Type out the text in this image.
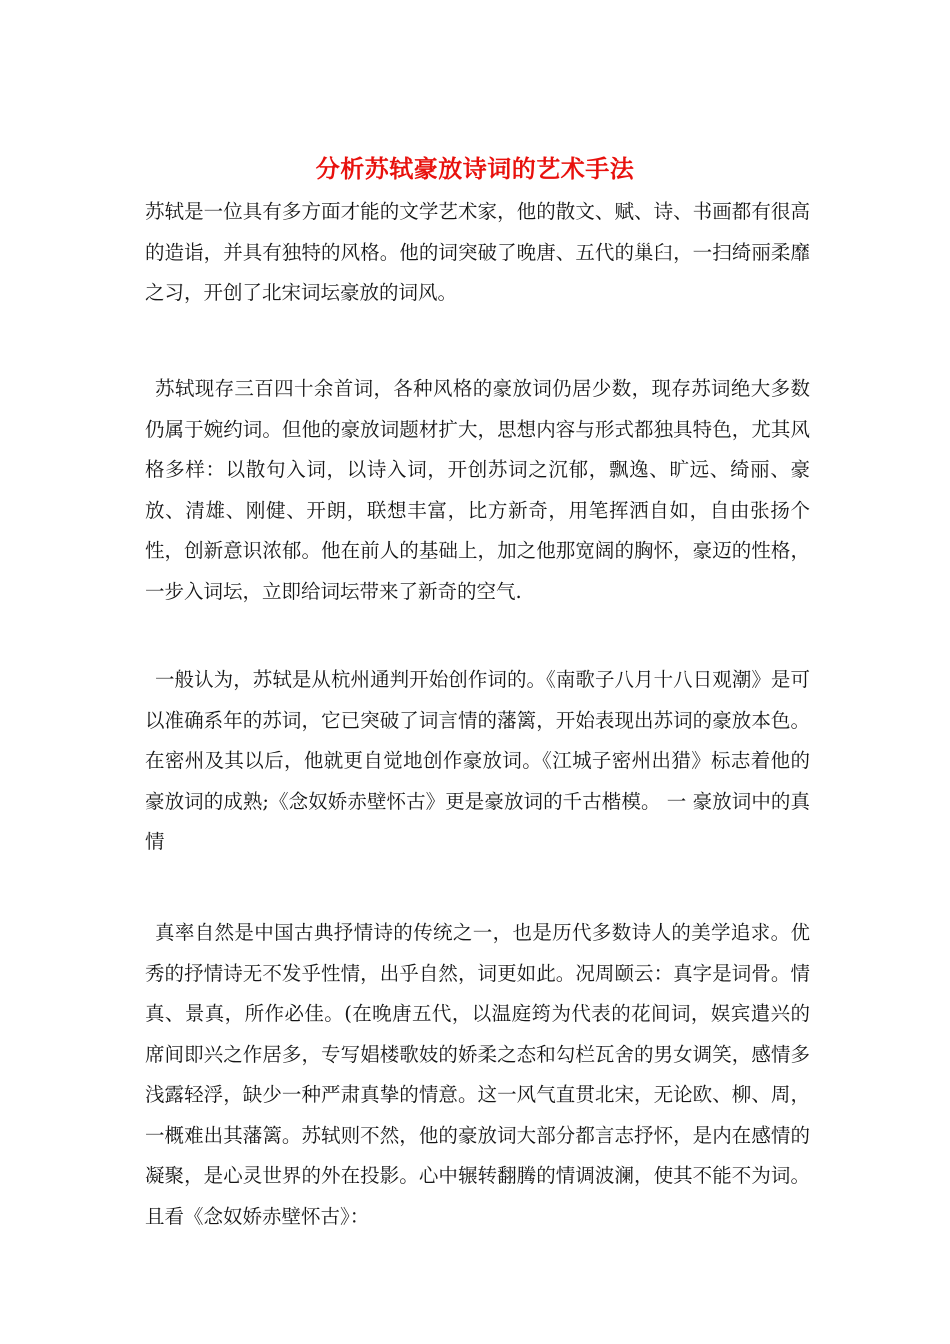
分析苏轼豪放诗词的艺术手法

苏轼是一位具有多方面才能的文学艺术家，他的散文、赋、诗、书画都有很高的造诣，并具有独特的风格。他的词突破了晚唐、五代的巢臼，一扫绮丽柔靡之习，开创了北宋词坛豪放的词风。

苏轼现存三百四十余首词，各种风格的豪放词仍居少数，现存苏词绝大多数仍属于婉约词。但他的豪放词题材扩大，思想内容与形式都独具特色，尤其风格多样：以散句入词，以诗入词，开创苏词之沉郁，飘逸、旷远、绮丽、豪放、清雄、刚健、开朗，联想丰富，比方新奇，用笔挥洒自如，自由张扬个性，创新意识浓郁。他在前人的基础上，加之他那宽阔的胸怀，豪迈的性格，一步入词坛，立即给词坛带来了新奇的空气.

一般认为，苏轼是从杭州通判开始创作词的。《南歌子八月十八日观潮》是可以准确系年的苏词，它已突破了词言情的藩篱，开始表现出苏词的豪放本色。在密州及其以后，他就更自觉地创作豪放词。《江城子密州出猎》标志着他的豪放词的成熟;《念奴娇赤壁怀古》更是豪放词的千古楷模。 一 豪放词中的真情

真率自然是中国古典抒情诗的传统之一，也是历代多数诗人的美学追求。优秀的抒情诗无不发乎性情，出乎自然，词更如此。况周颐云：真字是词骨。情真、景真，所作必佳。(在晚唐五代，以温庭筠为代表的花间词，娱宾遣兴的席间即兴之作居多，专写娼楼歌妓的娇柔之态和勾栏瓦舍的男女调笑，感情多浅露轻浮，缺少一种严肃真挚的情意。这一风气直贯北宋，无论欧、柳、周，一概难出其藩篱。苏轼则不然，他的豪放词大部分都言志抒怀，是内在感情的凝聚，是心灵世界的外在投影。心中辗转翻腾的情调波澜，使其不能不为词。且看《念奴娇赤壁怀古》：
